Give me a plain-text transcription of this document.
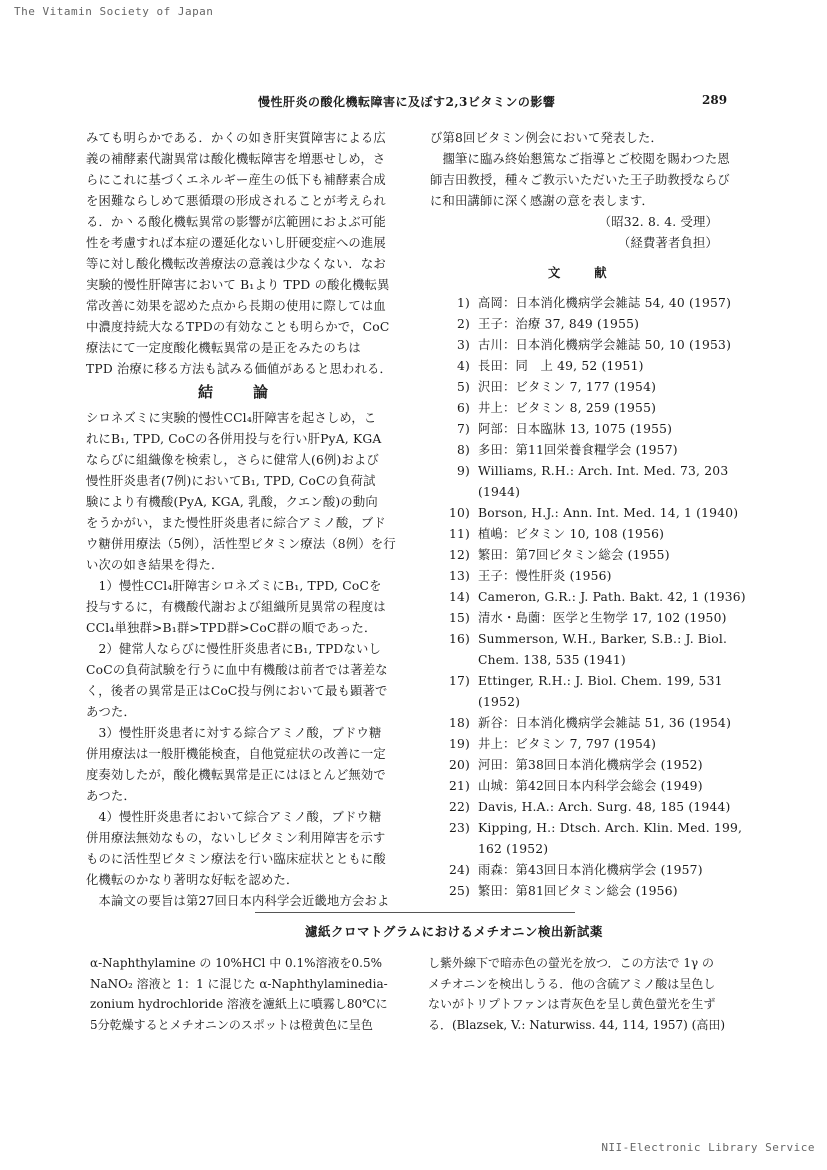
The Vitamin Society of Japan
慢性肝炎の酸化機転障害に及ぼす2,3ビタミンの影響	289

みても明らかである．かくの如き肝実質障害による広

義の補酵素代謝異常は酸化機転障害を増悪せしめ，さ

らにこれに基づくエネルギー産生の低下も補酵素合成

を困難ならしめて悪循環の形成されることが考えられ

る．か丶る酸化機転異常の影響が広範囲におよぶ可能

性を考慮すれば本症の遷延化ないし肝硬変症への進展

等に対し酸化機転改善療法の意義は少なくない．なお

実験的慢性肝障害において B₁より TPD の酸化機転異

常改善に効果を認めた点から長期の使用に際しては血

中濃度持続大なるTPDの有効なことも明らかで，CoC

療法にて一定度酸化機転異常の是正をみたのちは

TPD 治療に移る方法も試みる価値があると思われる．

結論

シロネズミに実験的慢性CCl₄肝障害を起さしめ，こ

れにB₁, TPD, CoCの各併用投与を行い肝PyA, KGA

ならびに組織像を検索し，さらに健常人(6例)および

慢性肝炎患者(7例)においてB₁, TPD, CoCの負荷試

験により有機酸(PyA, KGA, 乳酸，クエン酸)の動向

をうかがい，また慢性肝炎患者に綜合アミノ酸，ブド

ウ糖併用療法（5例），活性型ビタミン療法（8例）を行

い次の如き結果を得た．

　1）慢性CCl₄肝障害シロネズミにB₁, TPD, CoCを

投与するに，有機酸代謝および組織所見異常の程度は

CCl₄単独群>B₁群>TPD群>CoC群の順であった．

　2）健常人ならびに慢性肝炎患者にB₁, TPDないし

CoCの負荷試験を行うに血中有機酸は前者では著差な

く，後者の異常是正はCoC投与例において最も顕著で

あつた．

　3）慢性肝炎患者に対する綜合アミノ酸，ブドウ糖

併用療法は一般肝機能検査，自他覚症状の改善に一定

度奏効したが，酸化機転異常是正にはほとんど無効で

あつた．

　4）慢性肝炎患者において綜合アミノ酸，ブドウ糖

併用療法無効なもの，ないしビタミン利用障害を示す

ものに活性型ビタミン療法を行い臨床症状とともに酸

化機転のかなり著明な好転を認めた．

　本論文の要旨は第27回日本内科学会近畿地方会およ

び第8回ビタミン例会において発表した．

　擱筆に臨み終始懇篤なご指導とご校閲を賜わつた恩

師吉田教授，種々ご教示いただいた王子助教授ならび

に和田講師に深く感謝の意を表します．

（昭32. 8. 4. 受理）

（経費著者負担）

文献
1) 高岡：日本消化機病学会雑誌 54, 40 (1957)
2) 王子：治療 37, 849 (1955)
3) 古川：日本消化機病学会雑誌 50, 10 (1953)
4) 長田：同　上 49, 52 (1951)
5) 沢田：ビタミン 7, 177 (1954)
6) 井上：ビタミン 8, 259 (1955)
7) 阿部：日本臨牀 13, 1075 (1955)
8) 多田：第11回栄養食糧学会 (1957)
9) Williams, R.H.: Arch. Int. Med. 73, 203
(1944)
10) Borson, H.J.: Ann. Int. Med. 14, 1 (1940)
11) 植嶋：ビタミン 10, 108 (1956)
12) 繁田：第7回ビタミン総会 (1955)
13) 王子：慢性肝炎 (1956)
14) Cameron, G.R.: J. Path. Bakt. 42, 1 (1936)
15) 清水・島薗：医学と生物学 17, 102 (1950)
16) Summerson, W.H., Barker, S.B.: J. Biol.
Chem. 138, 535 (1941)
17) Ettinger, R.H.: J. Biol. Chem. 199, 531
(1952)
18) 新谷：日本消化機病学会雑誌 51, 36 (1954)
19) 井上：ビタミン 7, 797 (1954)
20) 河田：第38回日本消化機病学会 (1952)
21) 山城：第42回日本内科学会総会 (1949)
22) Davis, H.A.: Arch. Surg. 48, 185 (1944)
23) Kipping, H.: Dtsch. Arch. Klin. Med. 199,
162 (1952)
24) 雨森：第43回日本消化機病学会 (1957)
25) 繁田：第81回ビタミン総会 (1956)
濾紙クロマトグラムにおけるメチオニン検出新試薬

α-Naphthylamine の 10%HCl 中 0.1%溶液を0.5%

NaNO₂ 溶液と 1：1 に混じた α-Naphthylaminedia-

zonium hydrochloride 溶液を濾紙上に噴霧し80℃に

5分乾燥するとメチオニンのスポットは橙黄色に呈色

し紫外線下で暗赤色の螢光を放つ．この方法で 1γ の

メチオニンを検出しうる．他の含硫アミノ酸は呈色し

ないがトリプトファンは青灰色を呈し黄色螢光を生ず

る．(Blazsek, V.: Naturwiss. 44, 114, 1957) (高田)

NII-Electronic Library Service
